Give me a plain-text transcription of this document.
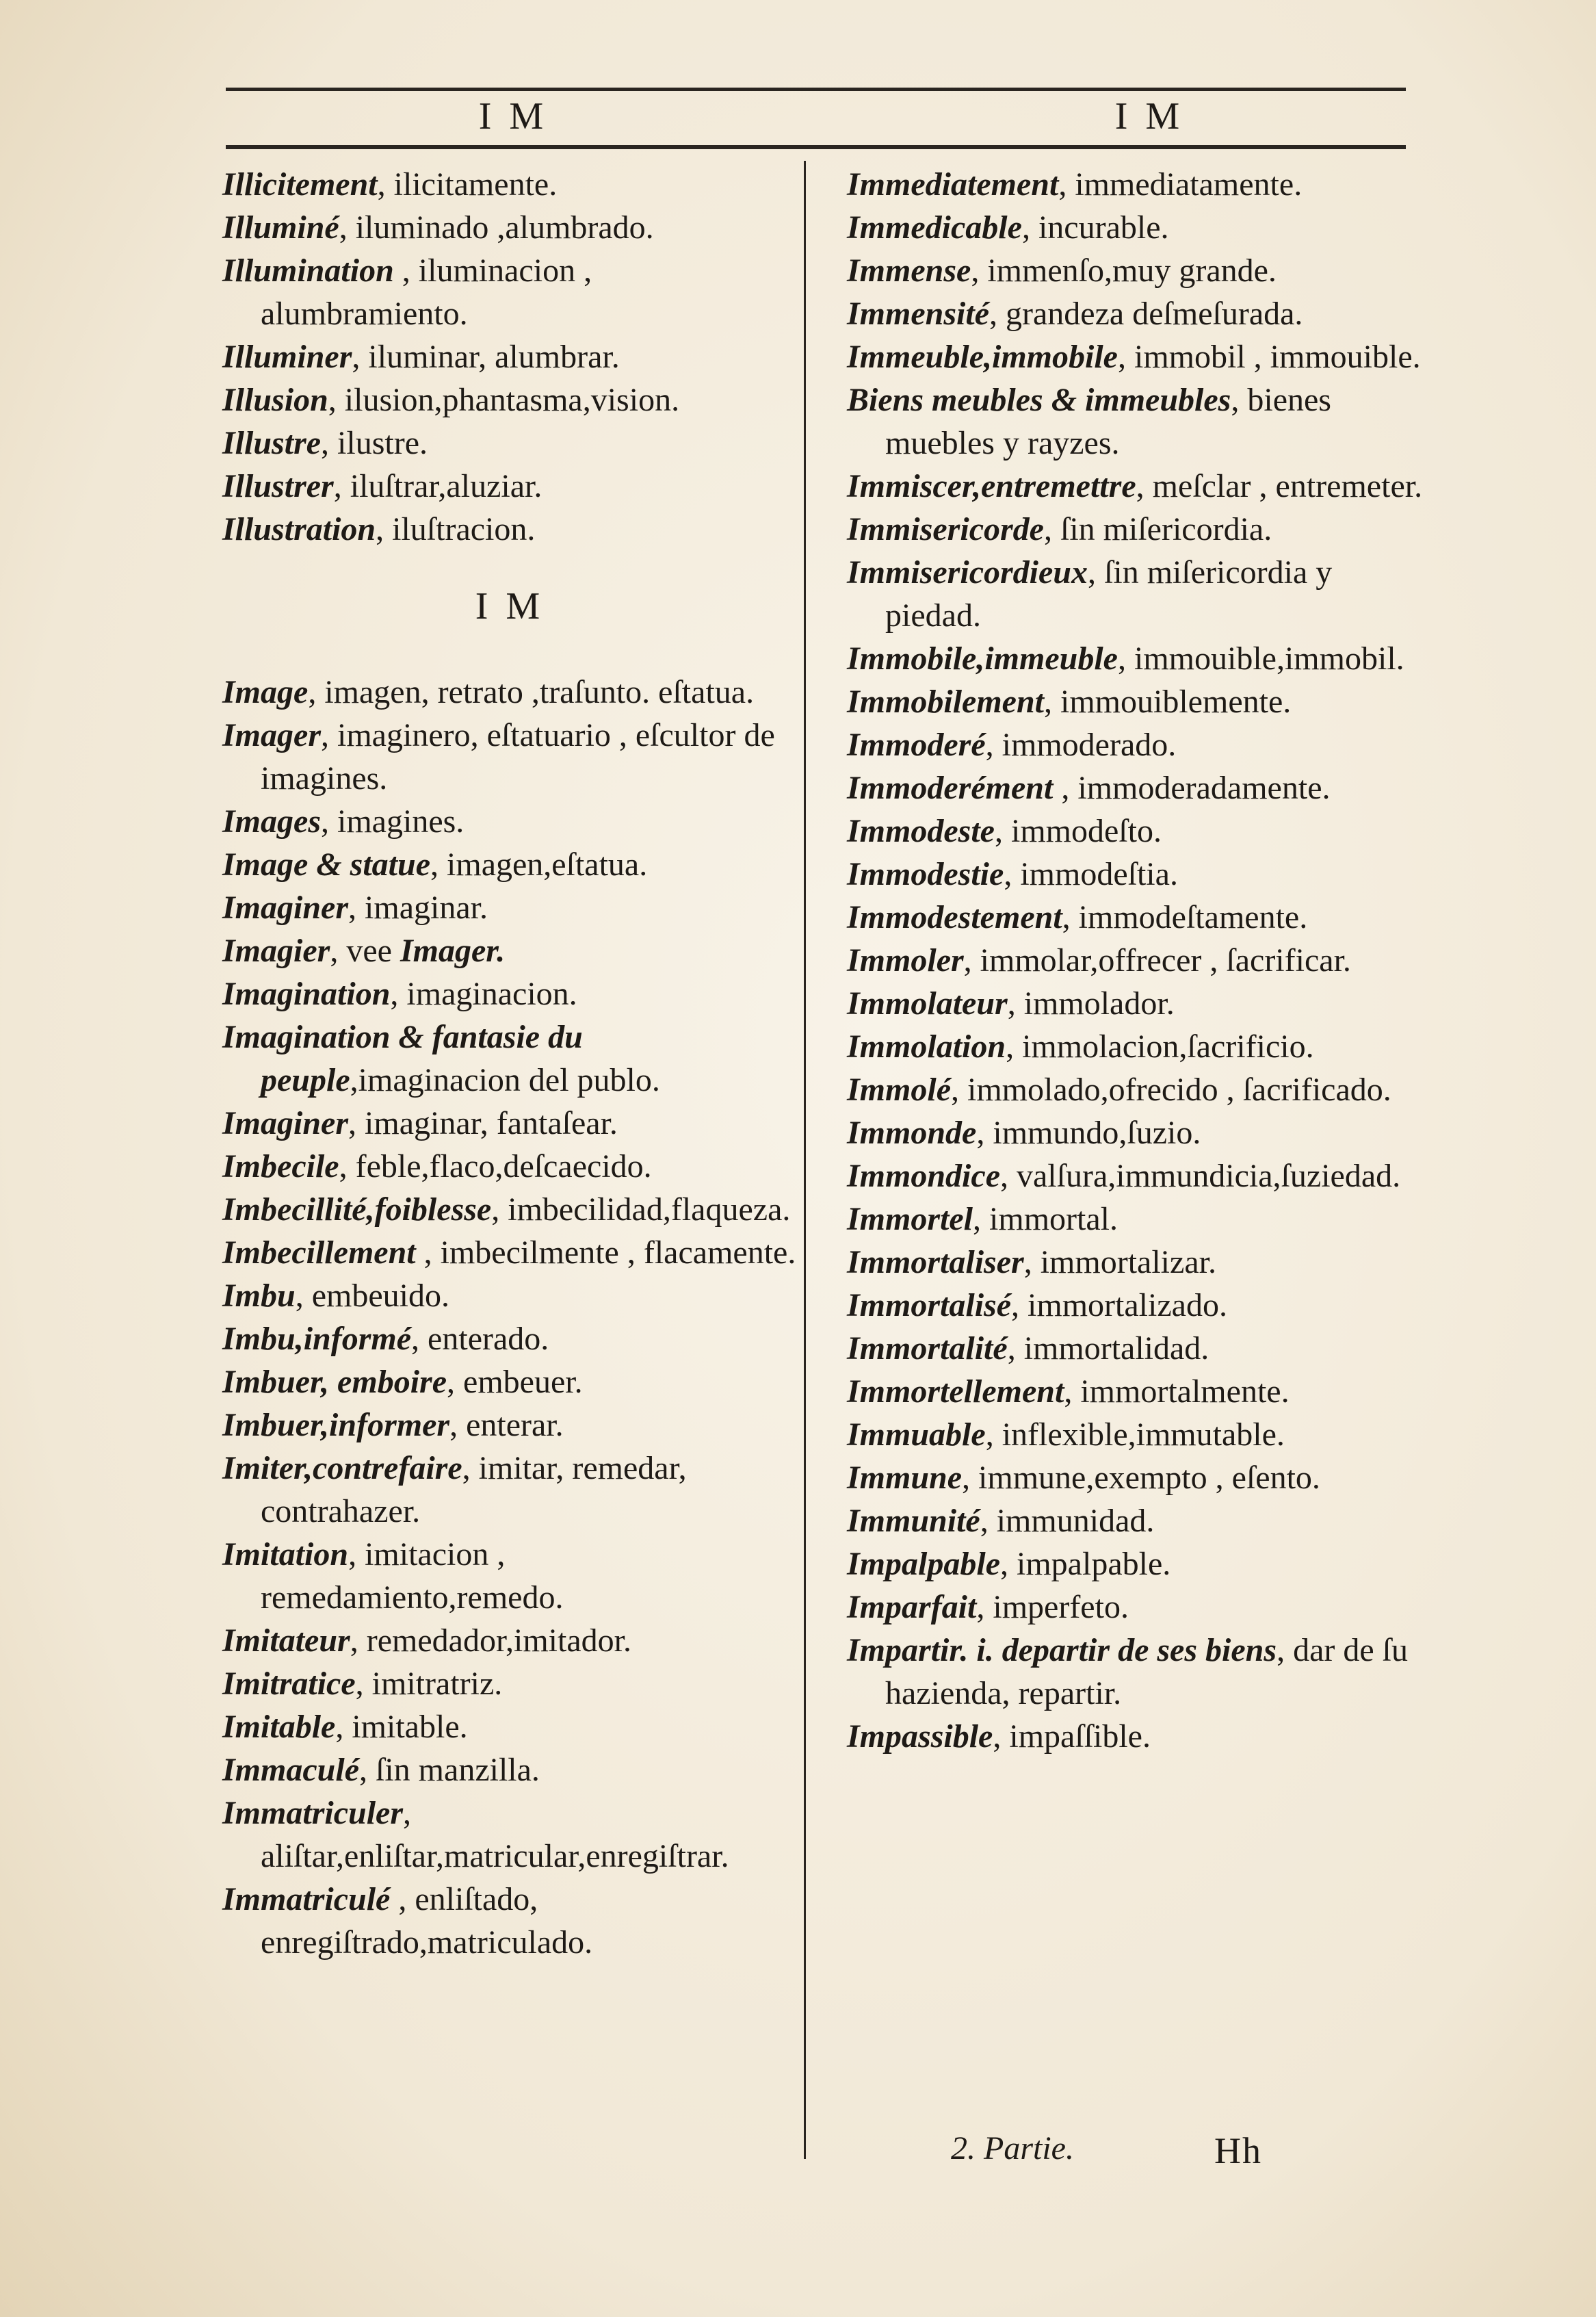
I M	I M
Illicitement, ilicitamente.
Illuminé, iluminado ,alumbrado.
Illumination , iluminacion , alumbramiento.
Illuminer, iluminar, alumbrar.
Illusion, ilusion,phantasma,vision.
Illustre, ilustre.
Illustrer, iluſtrar,aluziar.
Illustration, iluſtracion.
I M
Image, imagen, retrato ,traſunto. eſtatua.
Imager, imaginero, eſtatuario , eſcultor de imagines.
Images, imagines.
Image & statue, imagen,eſtatua.
Imaginer, imaginar.
Imagier, vee Imager.
Imagination, imaginacion.
Imagination & fantasie du peuple,imaginacion del publo.
Imaginer, imaginar, fantaſear.
Imbecile, feble,flaco,deſcaecido.
Imbecillité,foiblesse, imbecilidad,flaqueza.
Imbecillement , imbecilmente , flacamente.
Imbu, embeuido.
Imbu,informé, enterado.
Imbuer, emboire, embeuer.
Imbuer,informer, enterar.
Imiter,contrefaire, imitar, remedar, contrahazer.
Imitation, imitacion , remedamiento,remedo.
Imitateur, remedador,imitador.
Imitratice, imitratriz.
Imitable, imitable.
Immaculé, ſin manzilla.
Immatriculer, aliſtar,enliſtar,matricular,enregiſtrar.
Immatriculé , enliſtado, enregiſtrado,matriculado.
Immediatement, immediatamente.
Immedicable, incurable.
Immense, immenſo,muy grande.
Immensité, grandeza deſmeſurada.
Immeuble,immobile, immobil , immouible.
Biens meubles & immeubles, bienes muebles y rayzes.
Immiscer,entremettre, meſclar , entremeter.
Immisericorde, ſin miſericordia.
Immisericordieux, ſin miſericordia y piedad.
Immobile,immeuble, immouible,immobil.
Immobilement, immouiblemente.
Immoderé, immoderado.
Immoderément , immoderadamente.
Immodeste, immodeſto.
Immodestie, immodeſtia.
Immodestement, immodeſtamente.
Immoler, immolar,offrecer , ſacrificar.
Immolateur, immolador.
Immolation, immolacion,ſacrificio.
Immolé, immolado,ofrecido , ſacrificado.
Immonde, immundo,ſuzio.
Immondice, valſura,immundicia,ſuziedad.
Immortel, immortal.
Immortaliser, immortalizar.
Immortalisé, immortalizado.
Immortalité, immortalidad.
Immortellement, immortalmente.
Immuable, inflexible,immutable.
Immune, immune,exempto , eſento.
Immunité, immunidad.
Impalpable, impalpable.
Imparfait, imperfeto.
Impartir. i. departir de ses biens, dar de ſu hazienda, repartir.
Impassible, impaſſible.
2. Partie.	Hh
